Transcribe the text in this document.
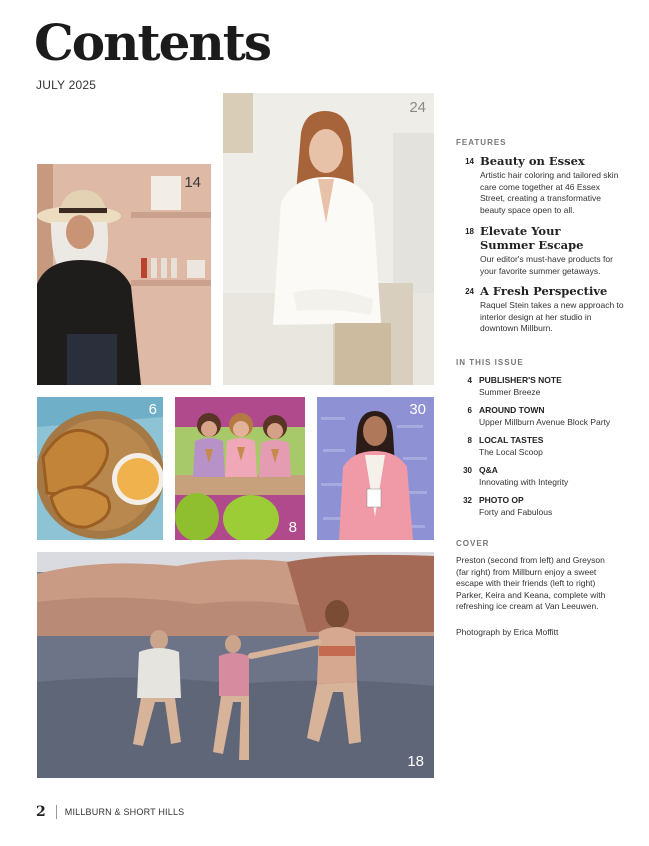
Contents
JULY 2025
24
14
6
8
30
18
FEATURES
14 Beauty on Essex
Artistic hair coloring and tailored skin care come together at 46 Essex Street, creating a transformative beauty space open to all.
18 Elevate Your Summer Escape
Our editor's must-have products for your favorite summer getaways.
24 A Fresh Perspective
Raquel Stein takes a new approach to interior design at her studio in downtown Millburn.
IN THIS ISSUE
4 PUBLISHER'S NOTE
Summer Breeze
6 AROUND TOWN
Upper Millburn Avenue Block Party
8 LOCAL TASTES
The Local Scoop
30 Q&A
Innovating with Integrity
32 PHOTO OP
Forty and Fabulous
COVER
Preston (second from left) and Greyson (far right) from Millburn enjoy a sweet escape with their friends (left to right) Parker, Keira and Keana, complete with refreshing ice cream at Van Leeuwen.
Photograph by Erica Moffitt
2 MILLBURN & SHORT HILLS
